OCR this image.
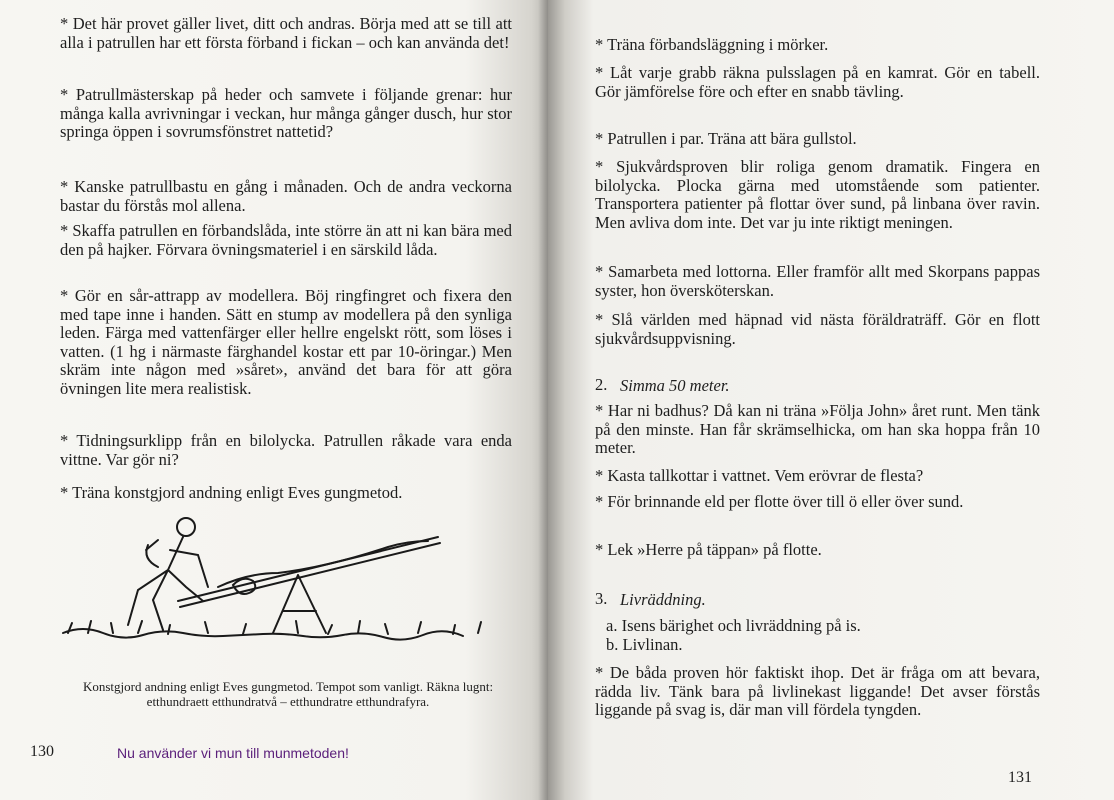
* Det här provet gäller livet, ditt och andras. Börja med att se till att alla i patrullen har ett första förband i fickan – och kan använda det!

* Patrullmästerskap på heder och samvete i följande grenar: hur många kalla avrivningar i veckan, hur många gånger dusch, hur stor springa öppen i sovrumsfönstret nattetid?

* Kanske patrullbastu en gång i månaden. Och de andra veckorna bastar du förstås mol allena.

* Skaffa patrullen en förbandslåda, inte större än att ni kan bära med den på hajker. Förvara övningsmateriel i en särskild låda.

* Gör en sår-attrapp av modellera. Böj ringfingret och fixera den med tape inne i handen. Sätt en stump av modellera på den synliga leden. Färga med vattenfärger eller hellre engelskt rött, som löses i vatten. (1 hg i närmaste färghandel kostar ett par 10-öringar.) Men skräm inte någon med »såret», använd det bara för att göra övningen lite mera realistisk.

* Tidningsurklipp från en bilolycka. Patrullen råkade vara enda vittne. Var gör ni?

* Träna konstgjord andning enligt Eves gungmetod.

Konstgjord andning enligt Eves gungmetod. Tempot som vanligt. Räkna lugnt: etthundraett etthundratvå – etthundratre etthundrafyra.
130	Nu använder vi mun till munmetoden!

* Träna förbandsläggning i mörker.

* Låt varje grabb räkna pulsslagen på en kamrat. Gör en tabell. Gör jämförelse före och efter en snabb tävling.

* Patrullen i par. Träna att bära gullstol.

* Sjukvårdsproven blir roliga genom dramatik. Fingera en bilolycka. Plocka gärna med utomstående som patienter. Transportera patienter på flottar över sund, på linbana över ravin. Men avliva dom inte. Det var ju inte riktigt meningen.

* Samarbeta med lottorna. Eller framför allt med Skorpans pappas syster, hon översköterskan.

* Slå världen med häpnad vid nästa föräldraträff. Gör en flott sjukvårdsuppvisning.

2. Simma 50 meter.

* Har ni badhus? Då kan ni träna »Följa John» året runt. Men tänk på den minste. Han får skrämselhicka, om han ska hoppa från 10 meter.

* Kasta tallkottar i vattnet. Vem erövrar de flesta?

* För brinnande eld per flotte över till ö eller över sund.

* Lek »Herre på täppan» på flotte.

3. Livräddning.
a. Isens bärighet och livräddning på is.
b. Livlinan.

* De båda proven hör faktiskt ihop. Det är fråga om att bevara, rädda liv. Tänk bara på livlinekast liggande! Det avser förstås liggande på svag is, där man vill fördela tyngden.

131
